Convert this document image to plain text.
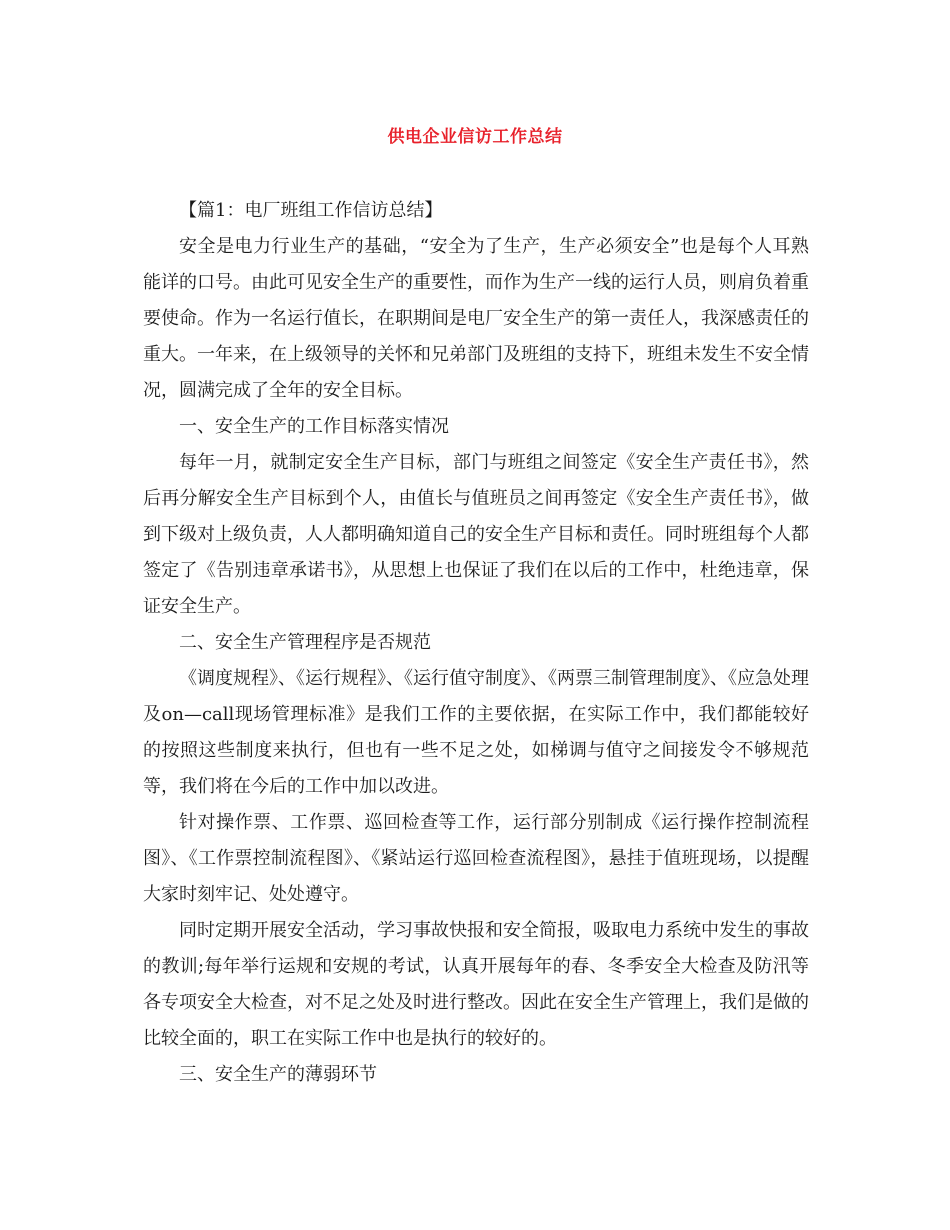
供电企业信访工作总结

【篇1：电厂班组工作信访总结】

安全是电力行业生产的基础，“安全为了生产，生产必须安全”也是每个人耳熟能详的口号。由此可见安全生产的重要性，而作为生产一线的运行人员，则肩负着重要使命。作为一名运行值长，在职期间是电厂安全生产的第一责任人，我深感责任的重大。一年来，在上级领导的关怀和兄弟部门及班组的支持下，班组未发生不安全情况，圆满完成了全年的安全目标。

一、安全生产的工作目标落实情况

每年一月，就制定安全生产目标，部门与班组之间签定《安全生产责任书》，然后再分解安全生产目标到个人，由值长与值班员之间再签定《安全生产责任书》，做到下级对上级负责，人人都明确知道自己的安全生产目标和责任。同时班组每个人都签定了《告别违章承诺书》，从思想上也保证了我们在以后的工作中，杜绝违章，保证安全生产。

二、安全生产管理程序是否规范

《调度规程》、《运行规程》、《运行值守制度》、《两票三制管理制度》、《应急处理及on—call现场管理标准》是我们工作的主要依据，在实际工作中，我们都能较好的按照这些制度来执行，但也有一些不足之处，如梯调与值守之间接发令不够规范等，我们将在今后的工作中加以改进。

针对操作票、工作票、巡回检查等工作，运行部分别制成《运行操作控制流程图》、《工作票控制流程图》、《紧站运行巡回检查流程图》，悬挂于值班现场，以提醒大家时刻牢记、处处遵守。

同时定期开展安全活动，学习事故快报和安全简报，吸取电力系统中发生的事故的教训;每年举行运规和安规的考试，认真开展每年的春、冬季安全大检查及防汛等各专项安全大检查，对不足之处及时进行整改。因此在安全生产管理上，我们是做的比较全面的，职工在实际工作中也是执行的较好的。

三、安全生产的薄弱环节
